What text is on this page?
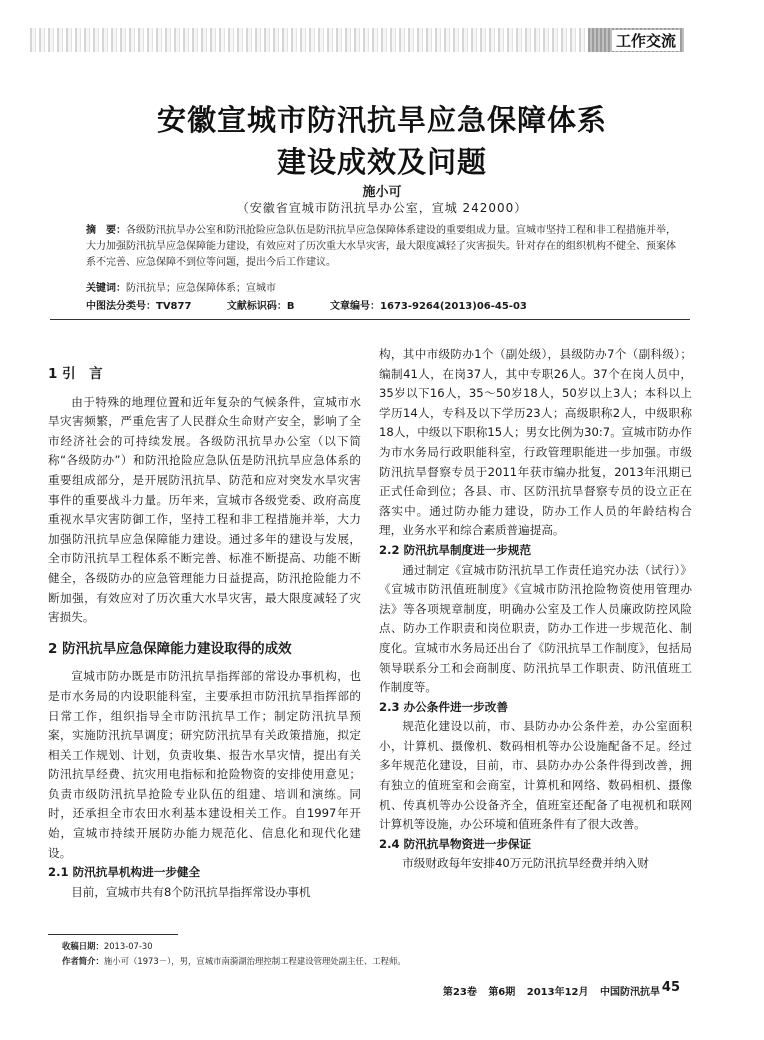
工作交流
安徽宣城市防汛抗旱应急保障体系
建设成效及问题
施小可
（安徽省宣城市防汛抗旱办公室，宣城 242000）
摘　要：各级防汛抗旱办公室和防汛抢险应急队伍是防汛抗旱应急保障体系建设的重要组成力量。宣城市坚持工程和非工程措施并举，大力加强防汛抗旱应急保障能力建设，有效应对了历次重大水旱灾害，最大限度减轻了灾害损失。针对存在的组织机构不健全、预案体系不完善、应急保障不到位等问题，提出今后工作建议。
关键词：防汛抗旱；应急保障体系；宣城市
中图法分类号：TV877	文献标识码：B	文章编号：1673-9264(2013)06-45-03
1 引　言

由于特殊的地理位置和近年复杂的气候条件，宣城市水旱灾害频繁，严重危害了人民群众生命财产安全，影响了全市经济社会的可持续发展。各级防汛抗旱办公室（以下简称“各级防办”）和防汛抢险应急队伍是防汛抗旱应急体系的重要组成部分，是开展防汛抗旱、防范和应对突发水旱灾害事件的重要战斗力量。历年来，宣城市各级党委、政府高度重视水旱灾害防御工作，坚持工程和非工程措施并举，大力加强防汛抗旱应急保障能力建设。通过多年的建设与发展，全市防汛抗旱工程体系不断完善、标准不断提高、功能不断健全，各级防办的应急管理能力日益提高，防汛抢险能力不断加强，有效应对了历次重大水旱灾害，最大限度减轻了灾害损失。

2 防汛抗旱应急保障能力建设取得的成效

宣城市防办既是市防汛抗旱指挥部的常设办事机构，也是市水务局的内设职能科室，主要承担市防汛抗旱指挥部的日常工作，组织指导全市防汛抗旱工作；制定防汛抗旱预案，实施防汛抗旱调度；研究防汛抗旱有关政策措施，拟定相关工作规划、计划，负责收集、报告水旱灾情，提出有关防汛抗旱经费、抗灾用电指标和抢险物资的安排使用意见；负责市级防汛抗旱抢险专业队伍的组建、培训和演练。同时，还承担全市农田水利基本建设相关工作。自1997年开始，宣城市持续开展防办能力规范化、信息化和现代化建设。

2.1 防汛抗旱机构进一步健全

目前，宣城市共有8个防汛抗旱指挥常设办事机

构，其中市级防办1个（副处级），县级防办7个（副科级）；编制41人，在岗37人，其中专职26人。37个在岗人员中，35岁以下16人，35～50岁18人，50岁以上3人；本科以上学历14人，专科及以下学历23人；高级职称2人，中级职称18人，中级以下职称15人；男女比例为30:7。宣城市防办作为市水务局行政职能科室，行政管理职能进一步加强。市级防汛抗旱督察专员于2011年获市编办批复，2013年汛期已正式任命到位；各县、市、区防汛抗旱督察专员的设立正在落实中。通过防办能力建设，防办工作人员的年龄结构合理，业务水平和综合素质普遍提高。

2.2 防汛抗旱制度进一步规范

通过制定《宣城市防汛抗旱工作责任追究办法（试行）》《宣城市防汛值班制度》《宣城市防汛抢险物资使用管理办法》等各项规章制度，明确办公室及工作人员廉政防控风险点、防办工作职责和岗位职责，防办工作进一步规范化、制度化。宣城市水务局还出台了《防汛抗旱工作制度》，包括局领导联系分工和会商制度、防汛抗旱工作职责、防汛值班工作制度等。

2.3 办公条件进一步改善

规范化建设以前，市、县防办办公条件差，办公室面积小，计算机、摄像机、数码相机等办公设施配备不足。经过多年规范化建设，目前，市、县防办办公条件得到改善，拥有独立的值班室和会商室，计算机和网络、数码相机、摄像机、传真机等办公设备齐全，值班室还配备了电视机和联网计算机等设施，办公环境和值班条件有了很大改善。

2.4 防汛抗旱物资进一步保证

市级财政每年安排40万元防汛抗旱经费并纳入财

收稿日期：2013-07-30
作者简介：施小可（1973－），男，宣城市南漪湖治理控制工程建设管理处副主任、工程师。
第23卷 第6期 2013年12月 中国防汛抗旱 45
